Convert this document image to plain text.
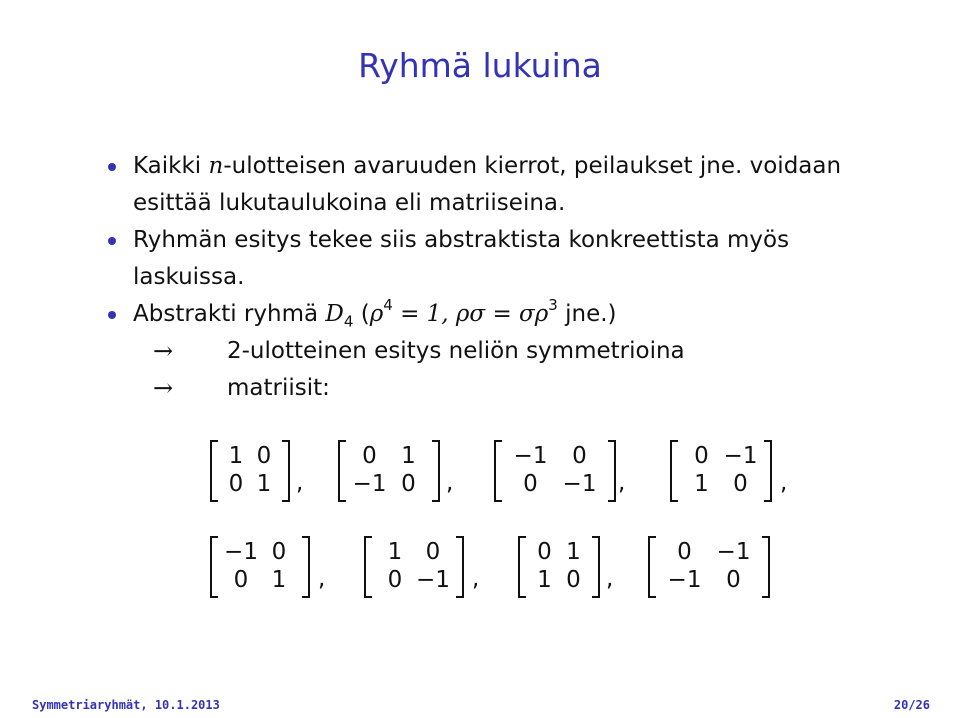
Ryhmä lukuina
Kaikki n-ulotteisen avaruuden kierrot, peilaukset jne. voidaan esittää lukutaulukoina eli matriiseina.
Ryhmän esitys tekee siis abstraktista konkreettista myös laskuissa.
Abstrakti ryhmä $D_4$ ($\rho^4 = 1$, $\rho\sigma = \sigma\rho^3$ jne.)
→ 2-ulotteinen esitys neliön symmetrioina
→ matriisit:
1 0
0 1 ,
0	1
−1 0	,
−1	0
0	−1 ,
0 −1
1	0	,
−1 0
0	1	,
1	0
0 −1 ,
0 1
1 0	,
0	−1
−1	0
Symmetriaryhmät, 10.1.2013	20/26
